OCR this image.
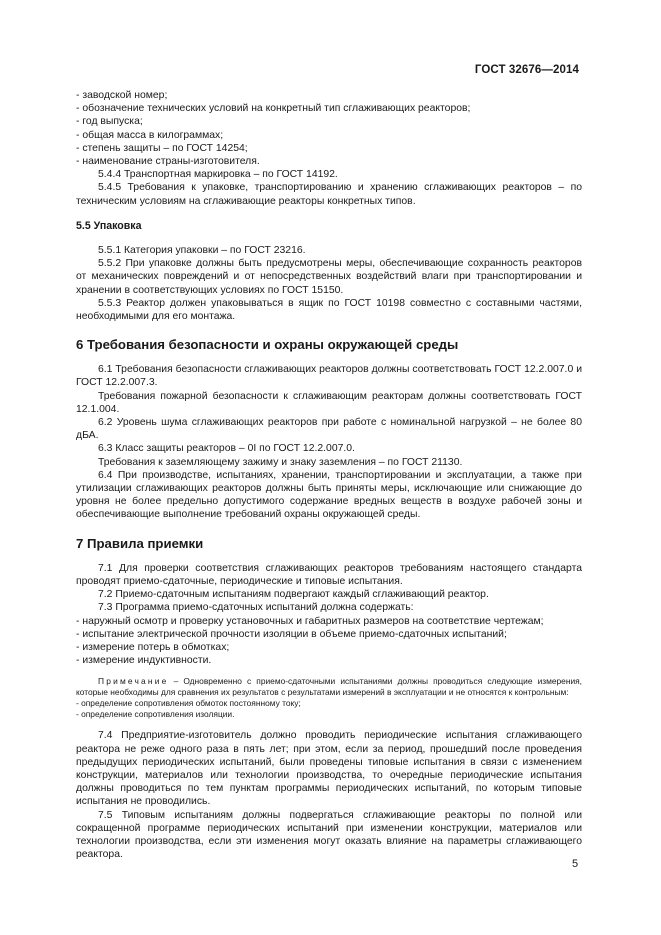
ГОСТ 32676—2014

- заводской номер;

- обозначение технических условий на конкретный тип сглаживающих реакторов;

- год выпуска;

- общая масса в килограммах;

- степень защиты – по ГОСТ 14254;

- наименование страны-изготовителя.

5.4.4 Транспортная маркировка – по ГОСТ 14192.

5.4.5 Требования к упаковке, транспортированию и хранению сглаживающих реакторов – по техническим условиям на сглаживающие реакторы конкретных типов.

5.5 Упаковка

5.5.1 Категория упаковки – по ГОСТ 23216.

5.5.2 При упаковке должны быть предусмотрены меры, обеспечивающие сохранность реакторов от механических повреждений и от непосредственных воздействий влаги при транспортировании и хранении в соответствующих условиях по ГОСТ 15150.

5.5.3 Реактор должен упаковываться в ящик по ГОСТ 10198 совместно с составными частями, необходимыми для его монтажа.

6 Требования безопасности и охраны окружающей среды

6.1 Требования безопасности сглаживающих реакторов должны соответствовать ГОСТ 12.2.007.0 и ГОСТ 12.2.007.3.

Требования пожарной безопасности к сглаживающим реакторам должны соответствовать ГОСТ 12.1.004.

6.2 Уровень шума сглаживающих реакторов при работе с номинальной нагрузкой – не более 80 дБА.

6.3 Класс защиты реакторов – 0I по ГОСТ 12.2.007.0.

Требования к заземляющему зажиму и знаку заземления – по ГОСТ 21130.

6.4 При производстве, испытаниях, хранении, транспортировании и эксплуатации, а также при утилизации сглаживающих реакторов должны быть приняты меры, исключающие или снижающие до уровня не более предельно допустимого содержание вредных веществ в воздухе рабочей зоны и обеспечивающие выполнение требований охраны окружающей среды.

7 Правила приемки

7.1 Для проверки соответствия сглаживающих реакторов требованиям настоящего стандарта проводят приемо-сдаточные, периодические и типовые испытания.

7.2 Приемо-сдаточным испытаниям подвергают каждый сглаживающий реактор.

7.3 Программа приемо-сдаточных испытаний должна содержать:

- наружный осмотр и проверку установочных и габаритных размеров на соответствие чертежам;

- испытание электрической прочности изоляции в объеме приемо-сдаточных испытаний;

- измерение потерь в обмотках;

- измерение индуктивности.

Примечание – Одновременно с приемо-сдаточными испытаниями должны проводиться следующие измерения, которые необходимы для сравнения их результатов с результатами измерений в эксплуатации и не относятся к контрольным:

- определение сопротивления обмоток постоянному току;

- определение сопротивления изоляции.

7.4 Предприятие-изготовитель должно проводить периодические испытания сглаживающего реактора не реже одного раза в пять лет; при этом, если за период, прошедший после проведения предыдущих периодических испытаний, были проведены типовые испытания в связи с изменением конструкции, материалов или технологии производства, то очередные периодические испытания должны проводиться по тем пунктам программы периодических испытаний, по которым типовые испытания не проводились.

7.5 Типовым испытаниям должны подвергаться сглаживающие реакторы по полной или сокращенной программе периодических испытаний при изменении конструкции, материалов или технологии производства, если эти изменения могут оказать влияние на параметры сглаживающего реактора.

5
